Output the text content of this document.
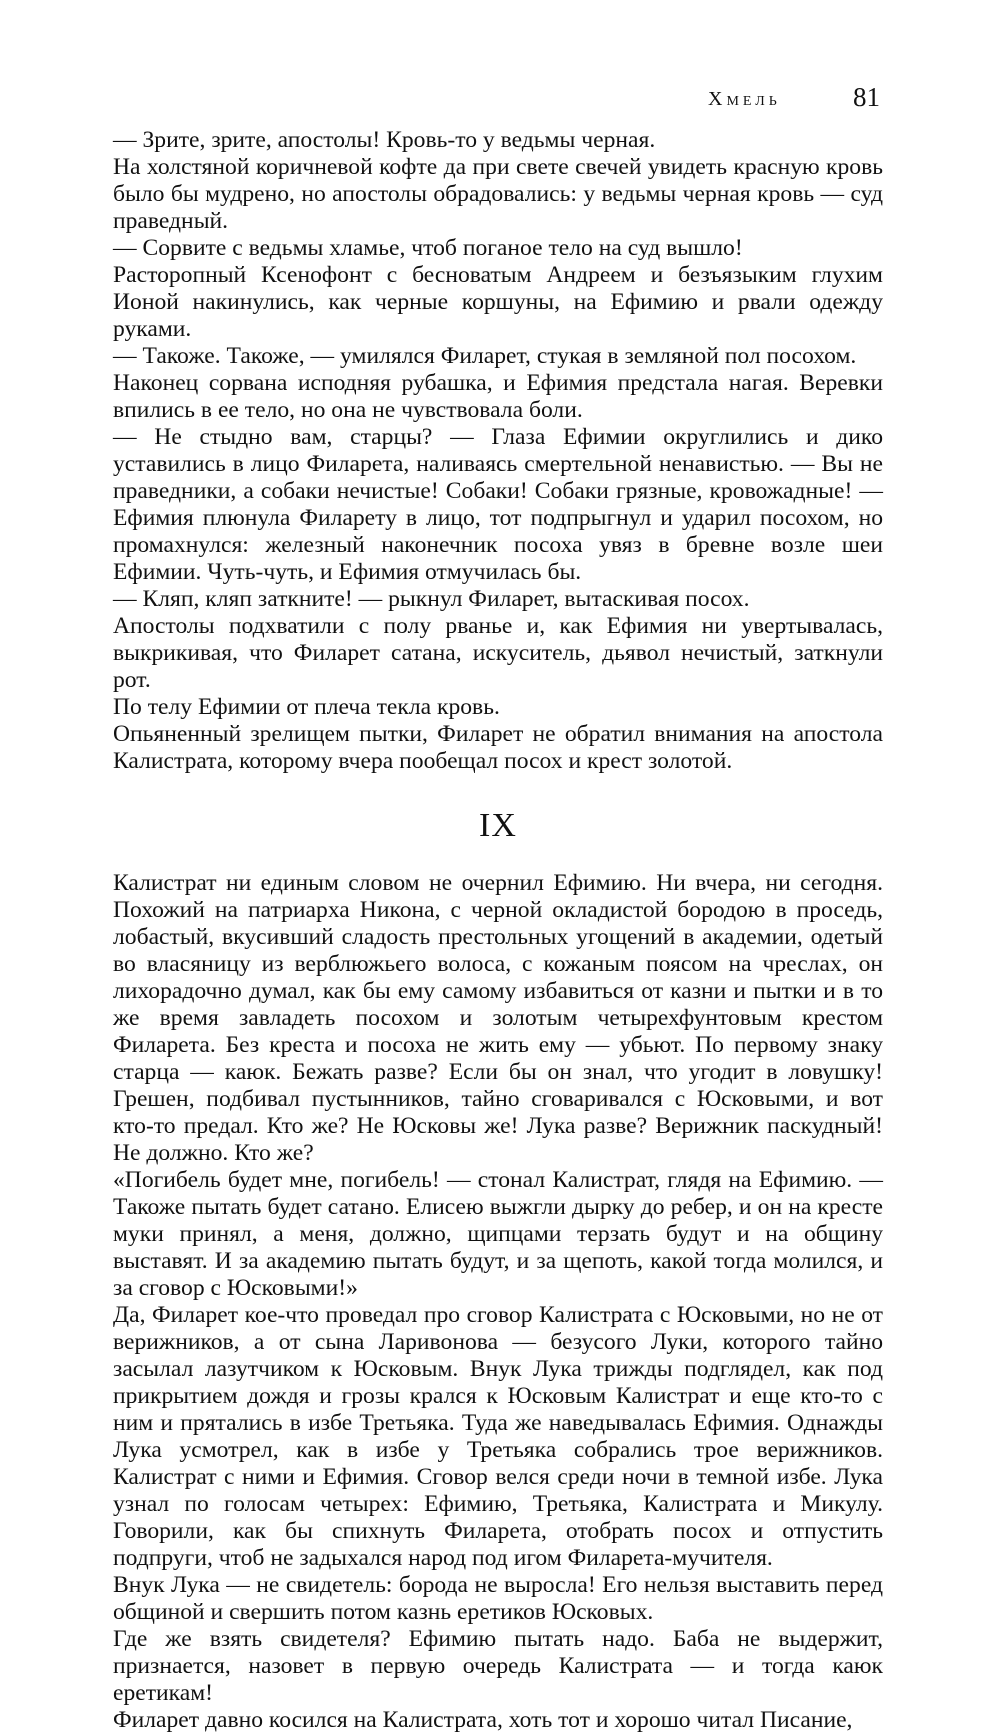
Хмель	81

— Зрите, зрите, апостолы! Кровь-то у ведьмы черная.

На холстяной коричневой кофте да при свете свечей увидеть красную кровь было бы мудрено, но апостолы обрадовались: у ведьмы черная кровь — суд праведный.

— Сорвите с ведьмы хламье, чтоб поганое тело на суд вышло!

Расторопный Ксенофонт с бесноватым Андреем и безъязыким глухим Ионой накинулись, как черные коршуны, на Ефимию и рвали одежду руками.

— Такоже. Такоже, — умилялся Филарет, стукая в земляной пол посохом.

Наконец сорвана исподняя рубашка, и Ефимия предстала нагая. Веревки впились в ее тело, но она не чувствовала боли.

— Не стыдно вам, старцы? — Глаза Ефимии округлились и дико уставились в лицо Филарета, наливаясь смертельной ненавистью. — Вы не праведники, а собаки нечистые! Собаки! Собаки грязные, кровожадные! — Ефимия плюнула Филарету в лицо, тот подпрыгнул и ударил посохом, но промахнулся: железный наконечник посоха увяз в бревне возле шеи Ефимии. Чуть-чуть, и Ефимия отмучилась бы.

— Кляп, кляп заткните! — рыкнул Филарет, вытаскивая посох.

Апостолы подхватили с полу рванье и, как Ефимия ни увертывалась, выкрикивая, что Филарет сатана, искуситель, дьявол нечистый, заткнули рот.

По телу Ефимии от плеча текла кровь.

Опьяненный зрелищем пытки, Филарет не обратил внимания на апостола Калистрата, которому вчера пообещал посох и крест золотой.

IX

Калистрат ни единым словом не очернил Ефимию. Ни вчера, ни сегодня. Похожий на патриарха Никона, с черной окладистой бородою в проседь, лобастый, вкусивший сладость престольных угощений в академии, одетый во власяницу из верблюжьего волоса, с кожаным поясом на чреслах, он лихорадочно думал, как бы ему самому избавиться от казни и пытки и в то же время завладеть посохом и золотым четырехфунтовым крестом Филарета. Без креста и посоха не жить ему — убьют. По первому знаку старца — каюк. Бежать разве? Если бы он знал, что угодит в ловушку! Грешен, подбивал пустынников, тайно сговаривался с Юсковыми, и вот кто-то предал. Кто же? Не Юсковы же! Лука разве? Верижник паскудный! Не должно. Кто же?

«Погибель будет мне, погибель! — стонал Калистрат, глядя на Ефимию. — Такоже пытать будет сатано. Елисею выжгли дырку до ребер, и он на кресте муки принял, а меня, должно, щипцами терзать будут и на общину выставят. И за академию пытать будут, и за щепоть, какой тогда молился, и за сговор с Юсковыми!»

Да, Филарет кое-что проведал про сговор Калистрата с Юсковыми, но не от верижников, а от сына Ларивонова — безусого Луки, которого тайно засылал лазутчиком к Юсковым. Внук Лука трижды подглядел, как под прикрытием дождя и грозы крался к Юсковым Калистрат и еще кто-то с ним и прятались в избе Третьяка. Туда же наведывалась Ефимия. Однажды Лука усмотрел, как в избе у Третьяка собрались трое верижников. Калистрат с ними и Ефимия. Сговор велся среди ночи в темной избе. Лука узнал по голосам четырех: Ефимию, Третьяка, Калистрата и Микулу. Говорили, как бы спихнуть Филарета, отобрать посох и отпустить подпруги, чтоб не задыхался народ под игом Филарета-мучителя.

Внук Лука — не свидетель: борода не выросла! Его нельзя выставить перед общиной и свершить потом казнь еретиков Юсковых.

Где же взять свидетеля? Ефимию пытать надо. Баба не выдержит, признается, назовет в первую очередь Калистрата — и тогда каюк еретикам!

Филарет давно косился на Калистрата, хоть тот и хорошо читал Писание,
